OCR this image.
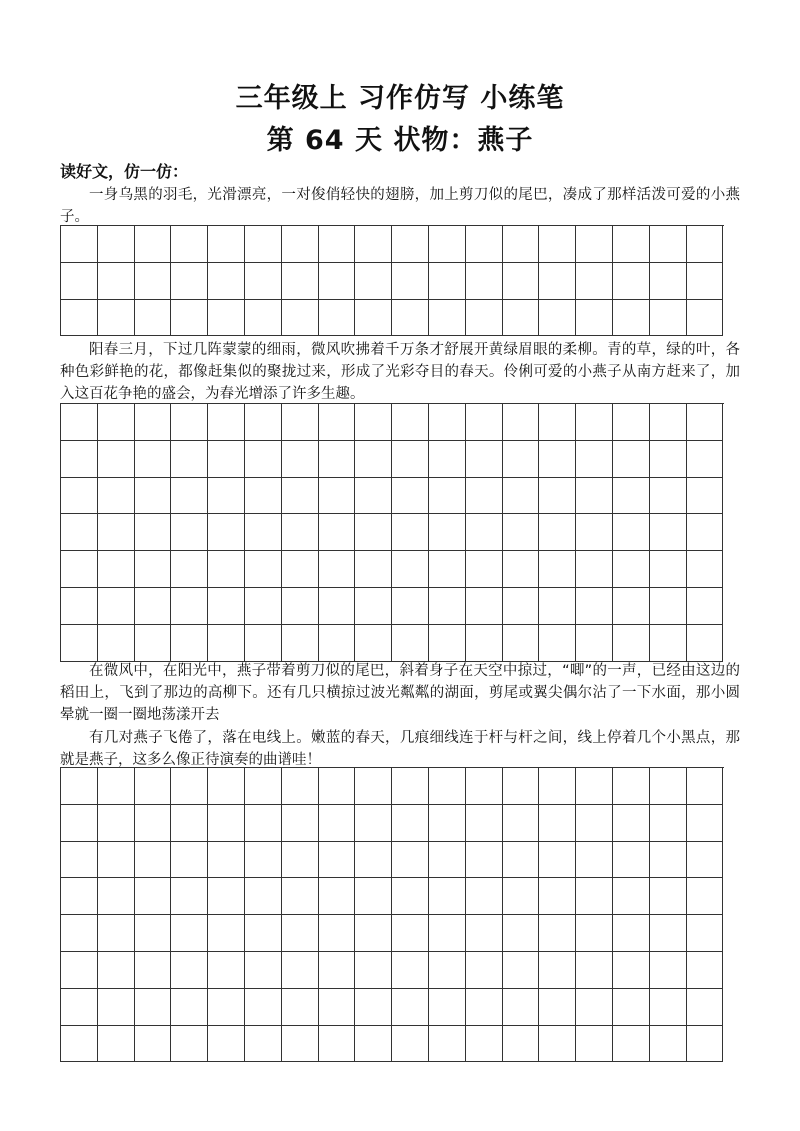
三年级上 习作仿写 小练笔
第 64 天 状物：燕子
读好文，仿一仿：

一身乌黑的羽毛，光滑漂亮，一对俊俏轻快的翅膀，加上剪刀似的尾巴，凑成了那样活泼可爱的小燕子。

阳春三月，下过几阵蒙蒙的细雨，微风吹拂着千万条才舒展开黄绿眉眼的柔柳。青的草，绿的叶，各种色彩鲜艳的花，都像赶集似的聚拢过来，形成了光彩夺目的春天。伶俐可爱的小燕子从南方赶来了，加入这百花争艳的盛会，为春光增添了许多生趣。

在微风中，在阳光中，燕子带着剪刀似的尾巴，斜着身子在天空中掠过，“唧”的一声，已经由这边的稻田上，飞到了那边的高柳下。还有几只横掠过波光粼粼的湖面，剪尾或翼尖偶尔沾了一下水面，那小圆晕就一圈一圈地荡漾开去

有几对燕子飞倦了，落在电线上。嫩蓝的春天，几痕细线连于杆与杆之间，线上停着几个小黑点，那就是燕子，这多么像正待演奏的曲谱哇！
